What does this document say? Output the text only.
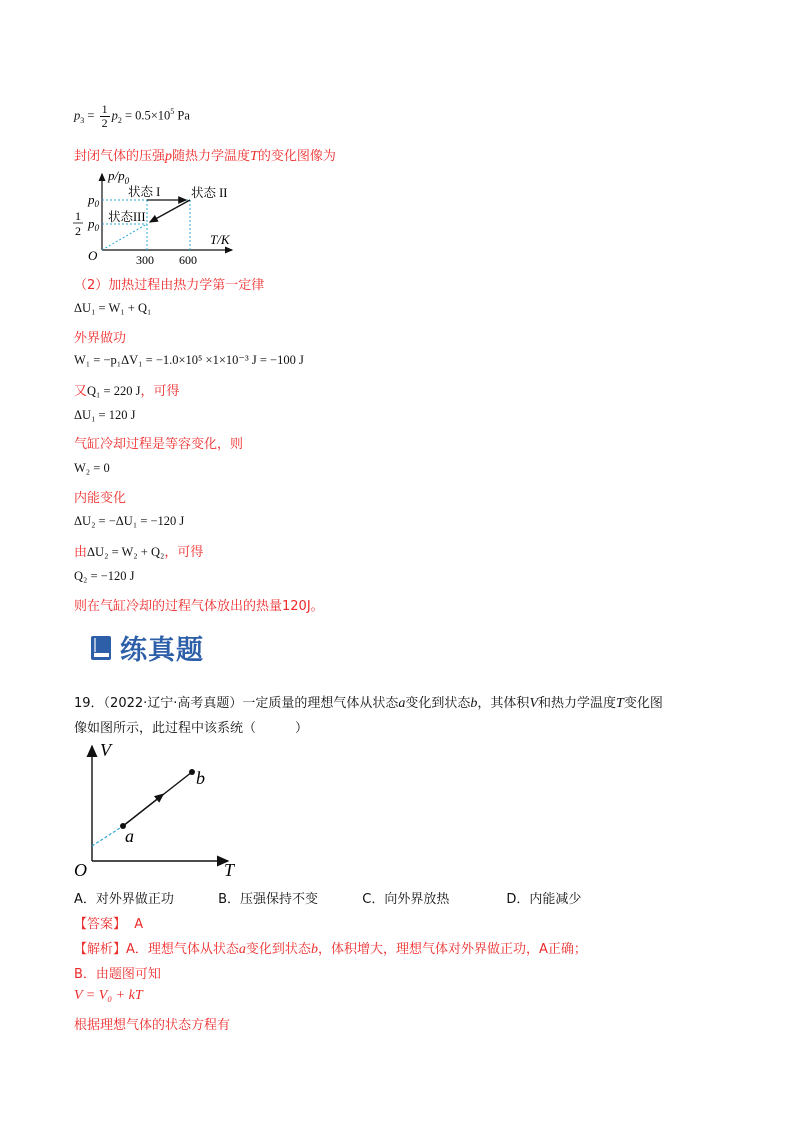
$p_3 = \frac{1}{2} p_2 = 0.5\times 10^5$ Pa
封闭气体的压强p随热力学温度T的变化图像为
$p/p_0$
T/K
O
$p_0$
1
2 $p_0$
300 600
状态 I 状态 II
状态III
（2）加热过程由热力学第一定律
ΔU₁ = W₁ + Q₁
外界做功
W₁ = −p₁ΔV₁ = −1.0×10⁵ ×1×10⁻³ J = −100 J
又Q₁ = 220 J，可得
ΔU₁ = 120 J
气缸冷却过程是等容变化，则
W₂ = 0
内能变化
ΔU₂ = −ΔU₁ = −120 J
由ΔU₂ = W₂ + Q₂，可得
Q₂ = −120 J
则在气缸冷却的过程气体放出的热量120J。
练真题
19．（2022·辽宁·高考真题）一定质量的理想气体从状态a变化到状态b，其体积V和热力学温度T变化图
像如图所示，此过程中该系统（　　　）
V
T
O
a
b
A．对外界做正功	B．压强保持不变	C．向外界放热	D．内能减少
【答案】 A
【解析】A．理想气体从状态a变化到状态b，体积增大，理想气体对外界做正功，A正确；
B．由题图可知
V = V₀ + kT
根据理想气体的状态方程有
